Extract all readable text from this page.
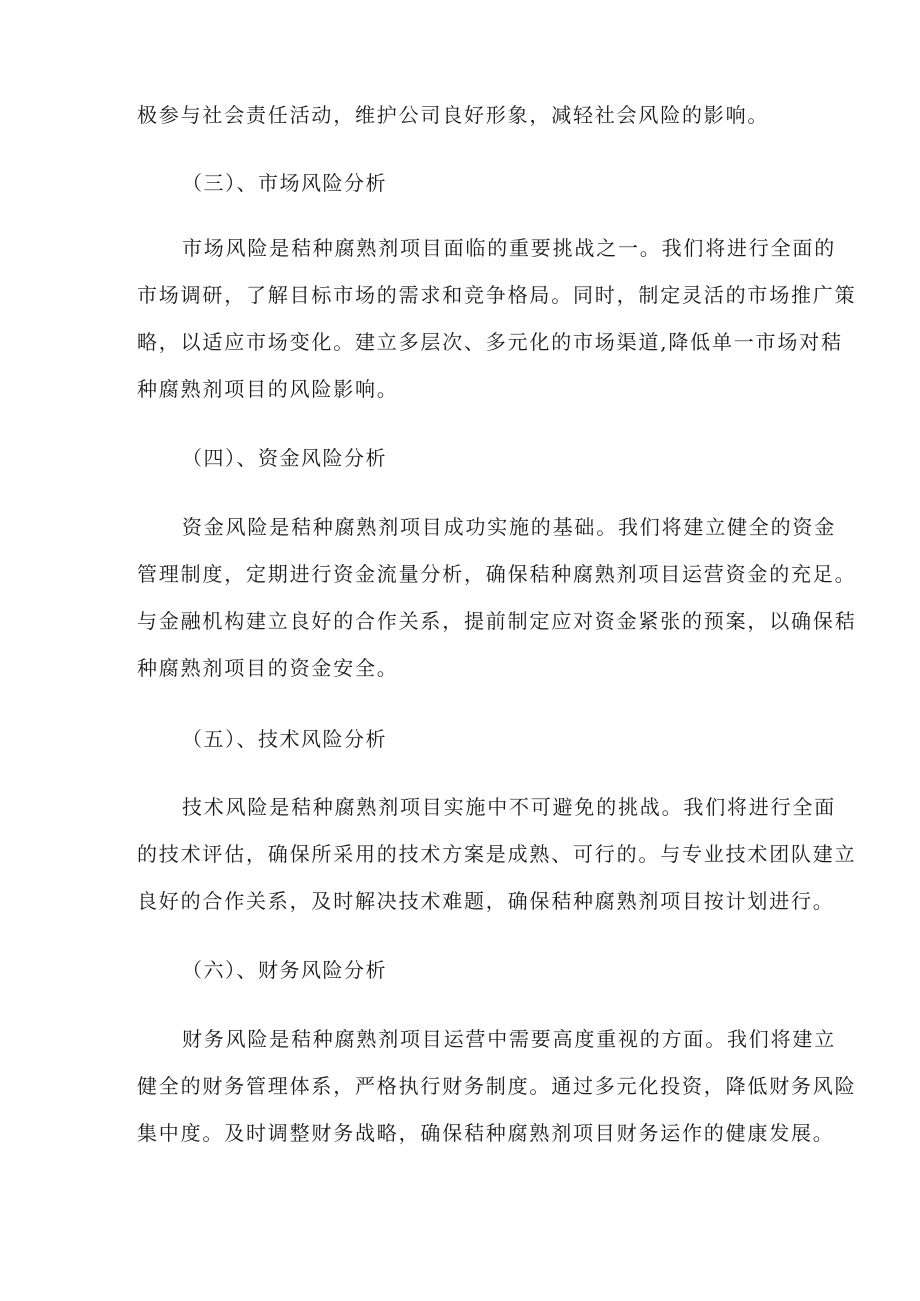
极参与社会责任活动，维护公司良好形象，减轻社会风险的影响。
（三）、市场风险分析
市场风险是秸种腐熟剂项目面临的重要挑战之一。我们将进行全面的
市场调研，了解目标市场的需求和竞争格局。同时，制定灵活的市场推广策
略，以适应市场变化。建立多层次、多元化的市场渠道,降低单一市场对秸
种腐熟剂项目的风险影响。
（四）、资金风险分析
资金风险是秸种腐熟剂项目成功实施的基础。我们将建立健全的资金
管理制度，定期进行资金流量分析，确保秸种腐熟剂项目运营资金的充足。
与金融机构建立良好的合作关系，提前制定应对资金紧张的预案，以确保秸
种腐熟剂项目的资金安全。
（五）、技术风险分析
技术风险是秸种腐熟剂项目实施中不可避免的挑战。我们将进行全面
的技术评估，确保所采用的技术方案是成熟、可行的。与专业技术团队建立
良好的合作关系，及时解决技术难题，确保秸种腐熟剂项目按计划进行。
（六）、财务风险分析
财务风险是秸种腐熟剂项目运营中需要高度重视的方面。我们将建立
健全的财务管理体系，严格执行财务制度。通过多元化投资，降低财务风险
集中度。及时调整财务战略，确保秸种腐熟剂项目财务运作的健康发展。
